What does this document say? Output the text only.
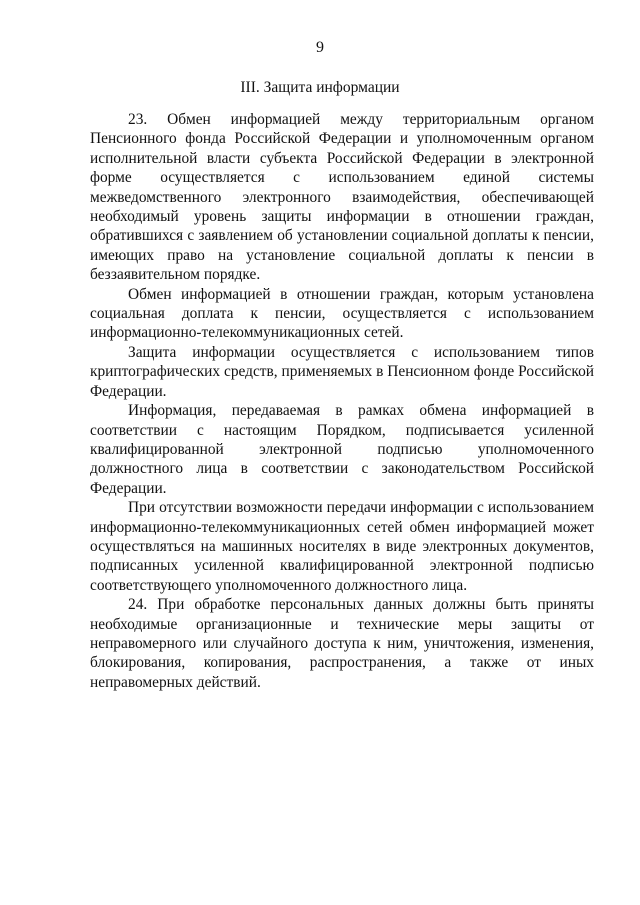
9
III. Защита информации

23. Обмен информацией между территориальным органом Пенсионного фонда Российской Федерации и уполномоченным органом исполнительной власти субъекта Российской Федерации в электронной форме осуществляется с использованием единой системы межведомственного электронного взаимодействия, обеспечивающей необходимый уровень защиты информации в отношении граждан, обратившихся с заявлением об установлении социальной доплаты к пенсии, имеющих право на установление социальной доплаты к пенсии в беззаявительном порядке.

Обмен информацией в отношении граждан, которым установлена социальная доплата к пенсии, осуществляется с использованием информационно-телекоммуникационных сетей.

Защита информации осуществляется с использованием типов криптографических средств, применяемых в Пенсионном фонде Российской Федерации.

Информация, передаваемая в рамках обмена информацией в соответствии с настоящим Порядком, подписывается усиленной квалифицированной электронной подписью уполномоченного должностного лица в соответствии с законодательством Российской Федерации.

При отсутствии возможности передачи информации с использованием информационно-телекоммуникационных сетей обмен информацией может осуществляться на машинных носителях в виде электронных документов, подписанных усиленной квалифицированной электронной подписью соответствующего уполномоченного должностного лица.

24. При обработке персональных данных должны быть приняты необходимые организационные и технические меры защиты от неправомерного или случайного доступа к ним, уничтожения, изменения, блокирования, копирования, распространения, а также от иных неправомерных действий.
